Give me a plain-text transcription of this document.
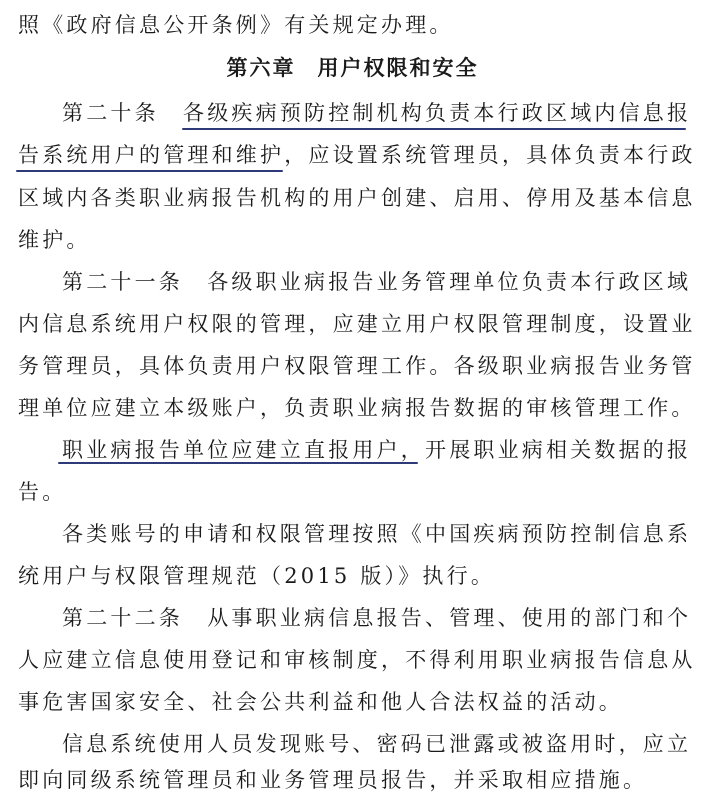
照《政府信息公开条例》有关规定办理。
第六章 用户权限和安全
第二十条　各级疾病预防控制机构负责本行政区域内信息报
告系统用户的管理和维护，应设置系统管理员，具体负责本行政
区域内各类职业病报告机构的用户创建、启用、停用及基本信息
维护。
第二十一条　各级职业病报告业务管理单位负责本行政区域
内信息系统用户权限的管理，应建立用户权限管理制度，设置业
务管理员，具体负责用户权限管理工作。各级职业病报告业务管
理单位应建立本级账户，负责职业病报告数据的审核管理工作。
职业病报告单位应建立直报用户，开展职业病相关数据的报
告。
各类账号的申请和权限管理按照《中国疾病预防控制信息系
统用户与权限管理规范（2015 版）》执行。
第二十二条　从事职业病信息报告、管理、使用的部门和个
人应建立信息使用登记和审核制度，不得利用职业病报告信息从
事危害国家安全、社会公共利益和他人合法权益的活动。
信息系统使用人员发现账号、密码已泄露或被盗用时，应立
即向同级系统管理员和业务管理员报告，并采取相应措施。
